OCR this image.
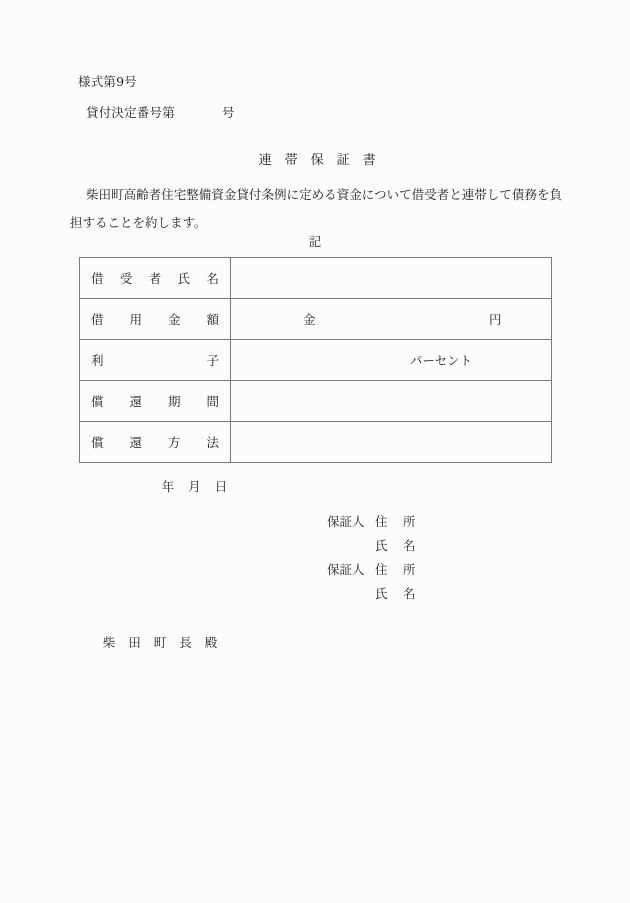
様式第9号
貸付決定番号第	号

連帯保証書

柴田町高齢者住宅整備資金貸付条例に定める資金について借受者と連帯して債務を負担することを約します。
記
借 受 者 氏 名	

借 用 金 額	金 円

利 子	パーセント

償 還 期 間	

償 還 方 法	

年月日

保証人 住	所
氏	名
保証人 住	所
氏	名

柴田町長殿
